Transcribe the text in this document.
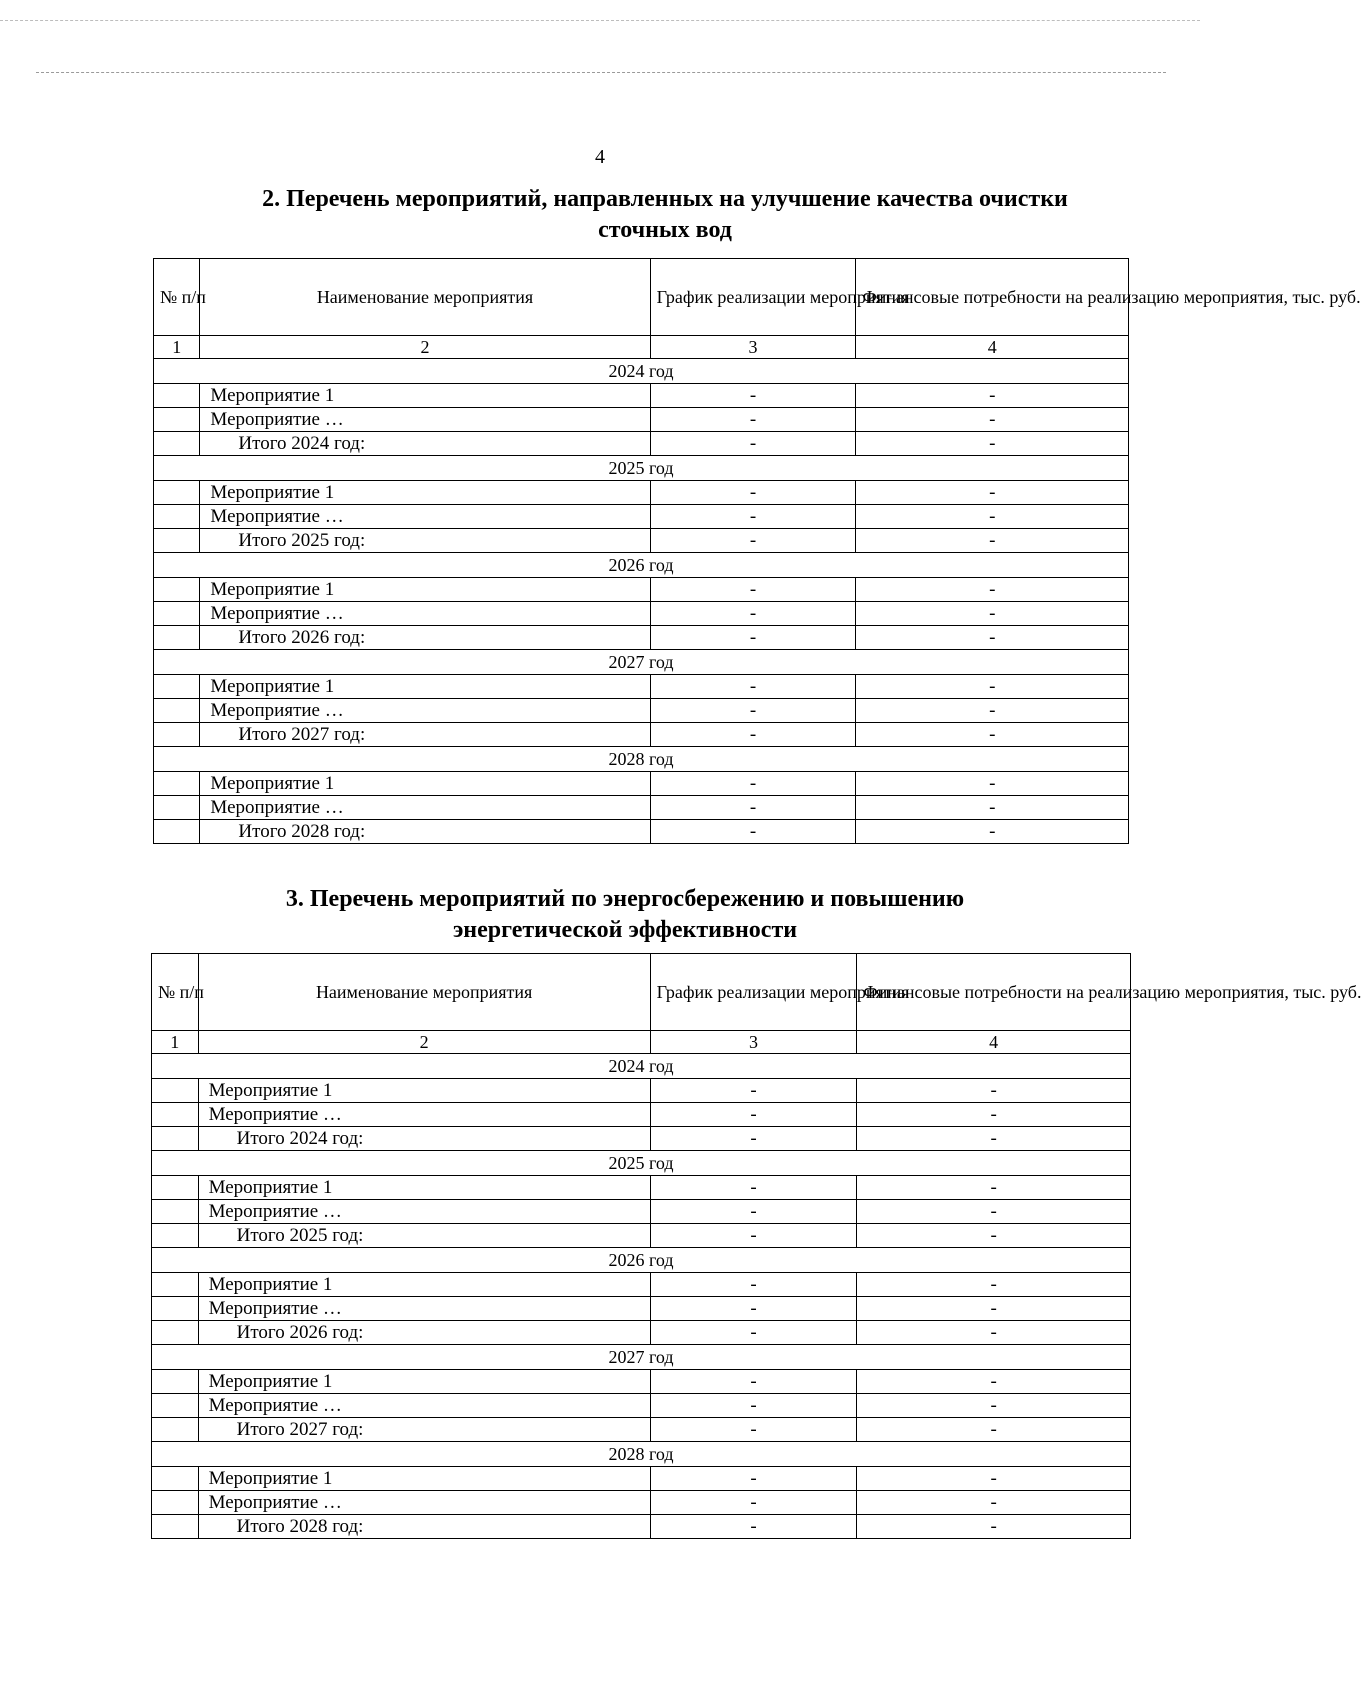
4
2. Перечень мероприятий, направленных на улучшение качества очистки
сточных вод
№ п/п	Наименование мероприятия	График реализации мероприятия	Финансовые потребности на реализацию мероприятия, тыс. руб.
1	2	3	4
2024 год			
	Мероприятие 1	-	-
	Мероприятие …	-	-
	Итого 2024 год:	-	-
2025 год			
	Мероприятие 1	-	-
	Мероприятие …	-	-
	Итого 2025 год:	-	-
2026 год			
	Мероприятие 1	-	-
	Мероприятие …	-	-
	Итого 2026 год:	-	-
2027 год			
	Мероприятие 1	-	-
	Мероприятие …	-	-
	Итого 2027 год:	-	-
2028 год			
	Мероприятие 1	-	-
	Мероприятие …	-	-
	Итого 2028 год:	-	-
3. Перечень мероприятий по энергосбережению и повышению
энергетической эффективности
№ п/п	Наименование мероприятия	График реализации мероприятия	Финансовые потребности на реализацию мероприятия, тыс. руб.
1	2	3	4
2024 год			
	Мероприятие 1	-	-
	Мероприятие …	-	-
	Итого 2024 год:	-	-
2025 год			
	Мероприятие 1	-	-
	Мероприятие …	-	-
	Итого 2025 год:	-	-
2026 год			
	Мероприятие 1	-	-
	Мероприятие …	-	-
	Итого 2026 год:	-	-
2027 год			
	Мероприятие 1	-	-
	Мероприятие …	-	-
	Итого 2027 год:	-	-
2028 год			
	Мероприятие 1	-	-
	Мероприятие …	-	-
	Итого 2028 год:	-	-
